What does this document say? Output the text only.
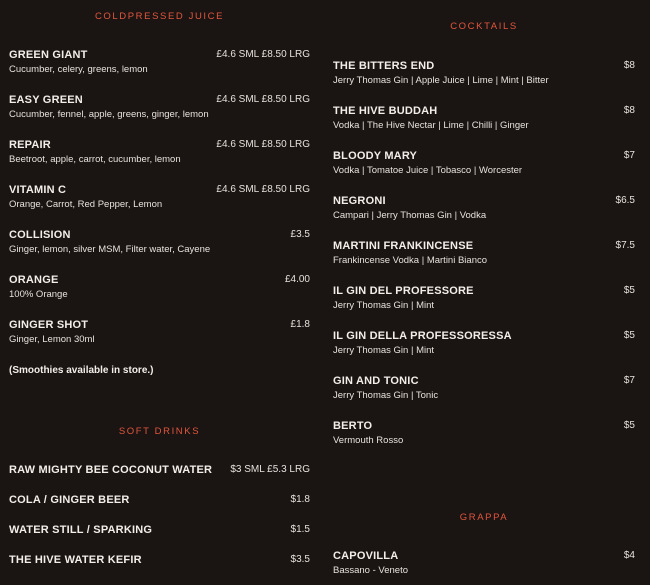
COLDPRESSED JUICE
GREEN GIANT	£4.6 SML £8.50 LRG
Cucumber, celery, greens, lemon
EASY GREEN	£4.6 SML £8.50 LRG
Cucumber, fennel, apple, greens, ginger, lemon
REPAIR	£4.6 SML £8.50 LRG
Beetroot, apple, carrot, cucumber, lemon
VITAMIN C	£4.6 SML £8.50 LRG
Orange, Carrot, Red Pepper, Lemon
COLLISION	£3.5
Ginger, lemon, silver MSM, Filter water, Cayene
ORANGE	£4.00
100% Orange
GINGER SHOT	£1.8
Ginger, Lemon 30ml
(Smoothies available in store.)
SOFT DRINKS
RAW MIGHTY BEE COCONUT WATER $3 SML £5.3 LRG
COLA / GINGER BEER	$1.8
WATER STILL / SPARKING	$1.5
THE HIVE WATER KEFIR	$3.5
COCKTAILS
THE BITTERS END	$8
Jerry Thomas Gin | Apple Juice | Lime | Mint | Bitter
THE HIVE BUDDAH	$8
Vodka | The Hive Nectar | Lime | Chilli | Ginger
BLOODY MARY	$7
Vodka | Tomatoe Juice | Tobasco | Worcester
NEGRONI	$6.5
Campari | Jerry Thomas Gin | Vodka
MARTINI FRANKINCENSE	$7.5
Frankincense Vodka | Martini Bianco
IL GIN DEL PROFESSORE	$5
Jerry Thomas Gin | Mint
IL GIN DELLA PROFESSORESSA	$5
Jerry Thomas Gin | Mint
GIN AND TONIC	$7
Jerry Thomas Gin | Tonic
BERTO	$5
Vermouth Rosso
GRAPPA
CAPOVILLA	$4
Bassano - Veneto
